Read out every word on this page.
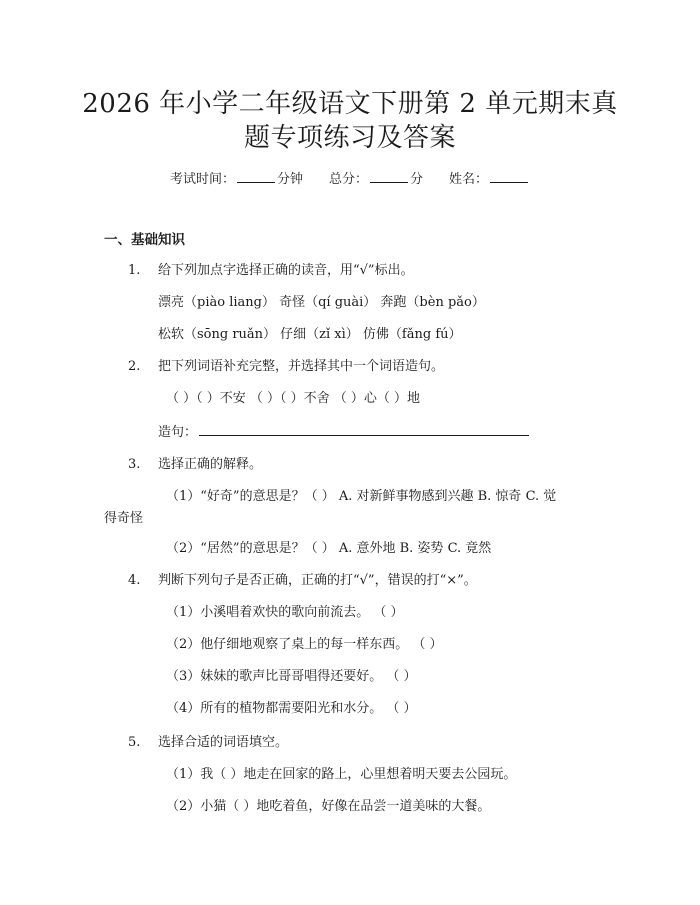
2026 年小学二年级语文下册第 2 单元期末真
题专项练习及答案
考试时间：	分钟 总分：	分 姓名：
一、基础知识
1. 给下列加点字选择正确的读音，用“√”标出。
漂亮（piào liang） 奇怪（qí guài） 奔跑（bèn pǎo）
松软（sōng ruǎn） 仔细（zǐ xì） 仿佛（fǎng fú）
2. 把下列词语补充完整，并选择其中一个词语造句。
（ ）（ ）不安 （ ）（ ）不舍 （ ）心（ ）地
造句：
3. 选择正确的解释。
（1）“好奇”的意思是？（ ） A. 对新鲜事物感到兴趣 B. 惊奇 C. 觉
得奇怪
（2）“居然”的意思是？（ ） A. 意外地 B. 姿势 C. 竟然
4. 判断下列句子是否正确，正确的打“√”，错误的打“×”。
（1）小溪唱着欢快的歌向前流去。 （ ）
（2）他仔细地观察了桌上的每一样东西。 （ ）
（3）妹妹的歌声比哥哥唱得还要好。 （ ）
（4）所有的植物都需要阳光和水分。 （ ）
5. 选择合适的词语填空。
（1）我（ ）地走在回家的路上，心里想着明天要去公园玩。
（2）小猫（ ）地吃着鱼，好像在品尝一道美味的大餐。
